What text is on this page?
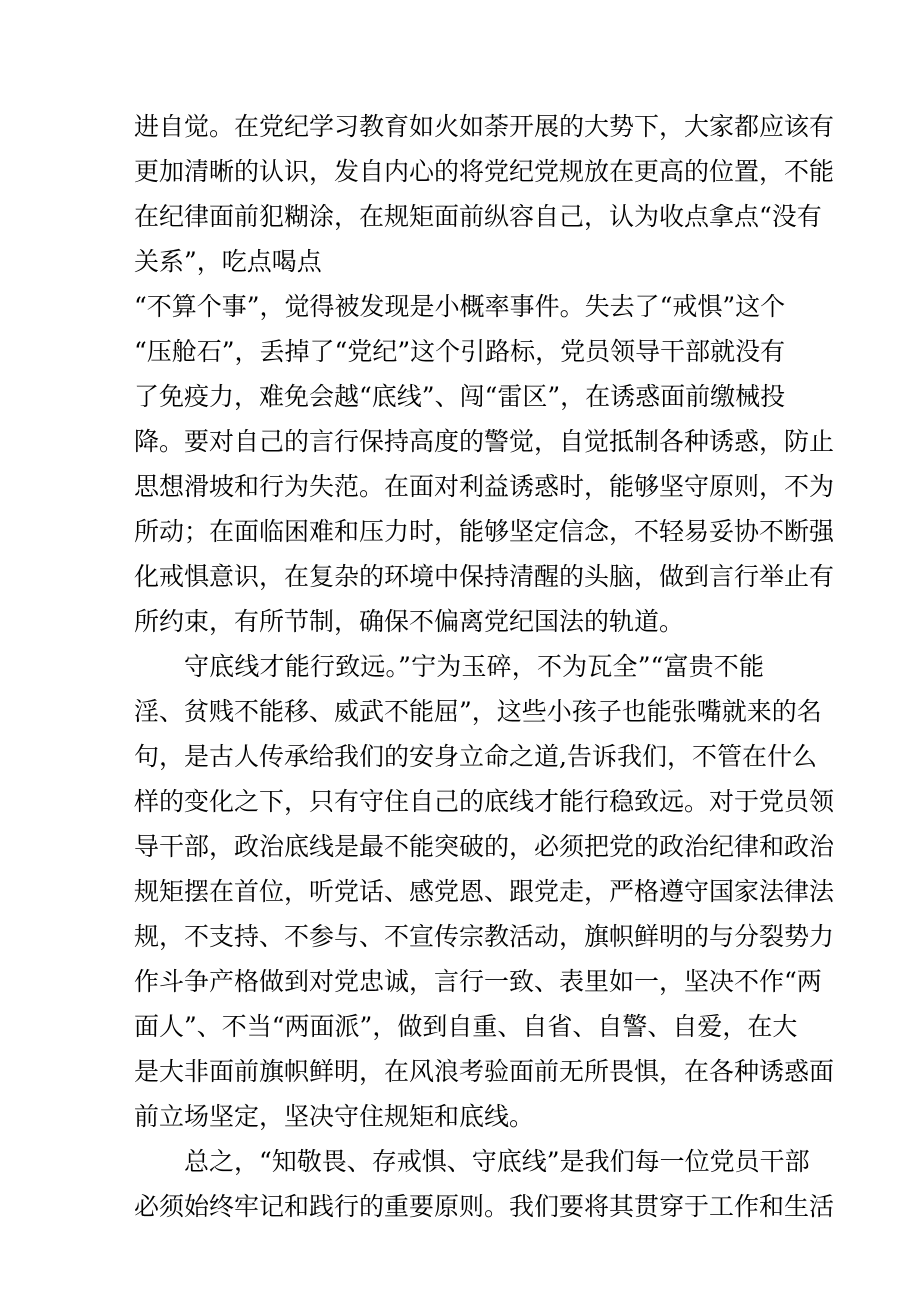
进自觉。在党纪学习教育如火如荼开展的大势下，大家都应该有
更加清晰的认识，发自内心的将党纪党规放在更高的位置，不能
在纪律面前犯糊涂，在规矩面前纵容自己，认为收点拿点“没有
关系”，吃点喝点
“不算个事”，觉得被发现是小概率事件。失去了“戒惧”这个
“压舱石”，丢掉了“党纪”这个引路标，党员领导干部就没有
了免疫力，难免会越“底线”、闯“雷区”，在诱惑面前缴械投
降。要对自己的言行保持高度的警觉，自觉抵制各种诱惑，防止
思想滑坡和行为失范。在面对利益诱惑时，能够坚守原则，不为
所动；在面临困难和压力时，能够坚定信念，不轻易妥协不断强
化戒惧意识，在复杂的环境中保持清醒的头脑，做到言行举止有
所约束，有所节制，确保不偏离党纪国法的轨道。
守底线才能行致远。”宁为玉碎，不为瓦全”“富贵不能
淫、贫贱不能移、威武不能屈”，这些小孩子也能张嘴就来的名
句，是古人传承给我们的安身立命之道,告诉我们，不管在什么
样的变化之下，只有守住自己的底线才能行稳致远。对于党员领
导干部，政治底线是最不能突破的，必须把党的政治纪律和政治
规矩摆在首位，听党话、感党恩、跟党走，严格遵守国家法律法
规，不支持、不参与、不宣传宗教活动，旗帜鲜明的与分裂势力
作斗争产格做到对党忠诚，言行一致、表里如一，坚决不作“两
面人”、不当“两面派”，做到自重、自省、自警、自爱，在大
是大非面前旗帜鲜明，在风浪考验面前无所畏惧，在各种诱惑面
前立场坚定，坚决守住规矩和底线。
总之，“知敬畏、存戒惧、守底线”是我们每一位党员干部
必须始终牢记和践行的重要原则。我们要将其贯穿于工作和生活
